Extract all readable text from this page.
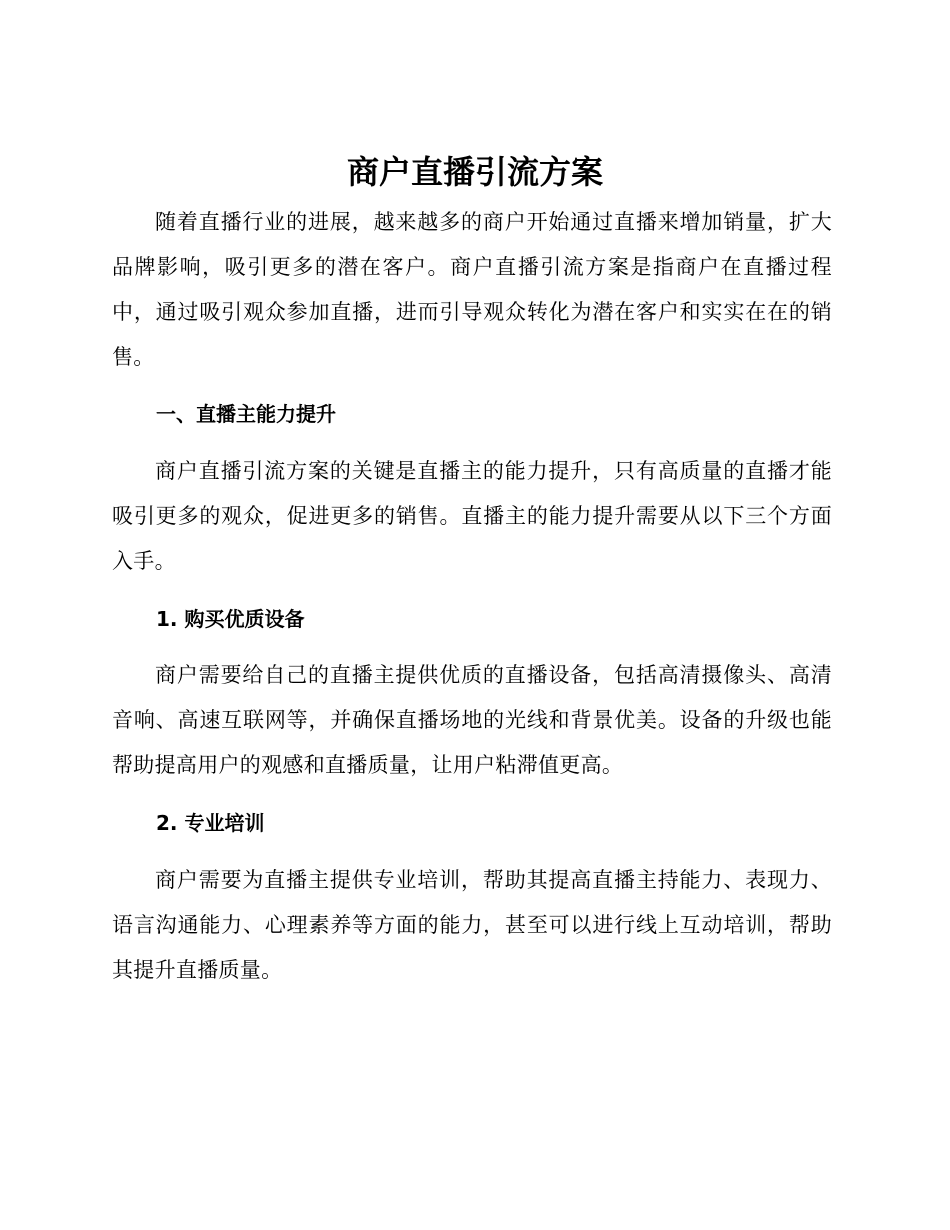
商户直播引流方案

随着直播行业的进展，越来越多的商户开始通过直播来增加销量，扩大品牌影响，吸引更多的潜在客户。商户直播引流方案是指商户在直播过程中，通过吸引观众参加直播，进而引导观众转化为潜在客户和实实在在的销售。

一、直播主能力提升

商户直播引流方案的关键是直播主的能力提升，只有高质量的直播才能吸引更多的观众，促进更多的销售。直播主的能力提升需要从以下三个方面入手。

1. 购买优质设备

商户需要给自己的直播主提供优质的直播设备，包括高清摄像头、高清音响、高速互联网等，并确保直播场地的光线和背景优美。设备的升级也能帮助提高用户的观感和直播质量，让用户粘滞值更高。

2. 专业培训

商户需要为直播主提供专业培训，帮助其提高直播主持能力、表现力、语言沟通能力、心理素养等方面的能力，甚至可以进行线上互动培训，帮助其提升直播质量。
